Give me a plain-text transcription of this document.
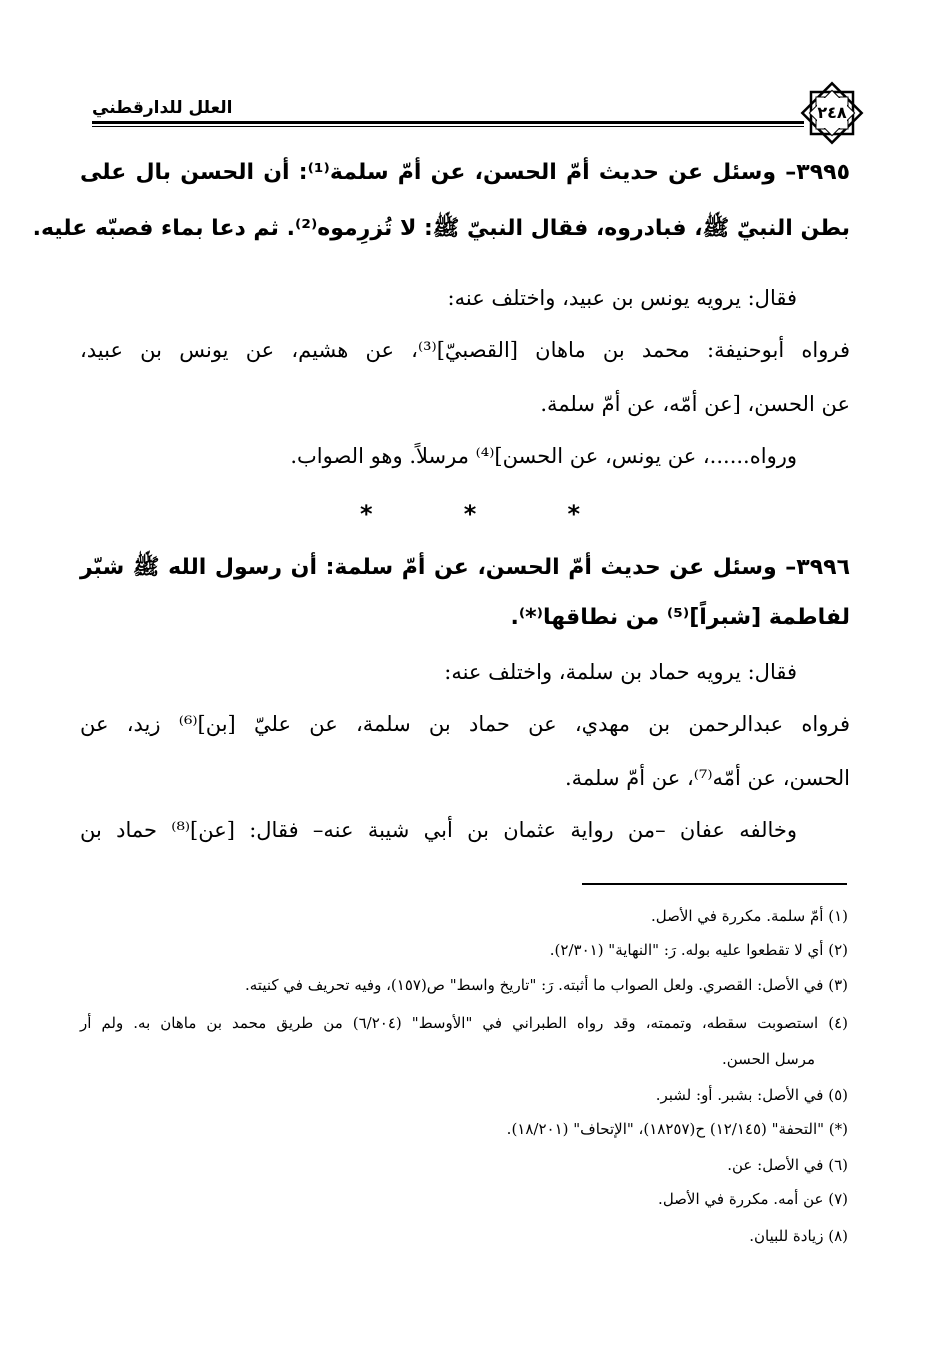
العلل للدارقطني	٢٤٨
٣٩٩٥– وسئل عن حديث أمّ الحسن، عن أمّ سلمة⁽¹⁾: أن الحسن بال على
بطن النبيّ ﷺ، فبادروه، فقال النبيّ ﷺ: لا تُزرِموه⁽²⁾. ثم دعا بماء فصبّه عليه.
فقال: يرويه يونس بن عبيد، واختلف عنه:
فرواه أبوحنيفة: محمد بن ماهان [القصبيّ]⁽³⁾، عن هشيم، عن يونس بن عبيد،
عن الحسن، [عن أمّه، عن أمّ سلمة.
ورواه......، عن يونس، عن الحسن]⁽⁴⁾ مرسلاً. وهو الصواب.
*	*	*
٣٩٩٦– وسئل عن حديث أمّ الحسن، عن أمّ سلمة: أن رسول الله ﷺ شبّر
لفاطمة [شبراً]⁽⁵⁾ من نطاقها⁽*⁾.
فقال: يرويه حماد بن سلمة، واختلف عنه:
فرواه عبدالرحمن بن مهدي، عن حماد بن سلمة، عن عليّ [بن]⁽⁶⁾ زيد، عن
الحسن، عن أمّه⁽⁷⁾، عن أمّ سلمة.
وخالفه عفان –من رواية عثمان بن أبي شيبة عنه– فقال: [عن]⁽⁸⁾ حماد بن
(١) أمّ سلمة. مكررة في الأصل.
(٢) أي لا تقطعوا عليه بوله. رَ: "النهاية" (٢/٣٠١).
(٣) في الأصل: القصري. ولعل الصواب ما أثبته. رَ: "تاريخ واسط" ص(١٥٧)، وفيه تحريف في كنيته.
(٤) استصوبت سقطه، وتممته، وقد رواه الطبراني في "الأوسط" (٦/٢٠٤) من طريق محمد بن ماهان به. ولم أر
مرسل الحسن.
(٥) في الأصل: بشبر. أو: لشبر.
(*) "التحفة" (١٢/١٤٥) ح(١٨٢٥٧)، "الإتحاف" (١٨/٢٠١).
(٦) في الأصل: عن.
(٧) عن أمه. مكررة في الأصل.
(٨) زيادة للبيان.
